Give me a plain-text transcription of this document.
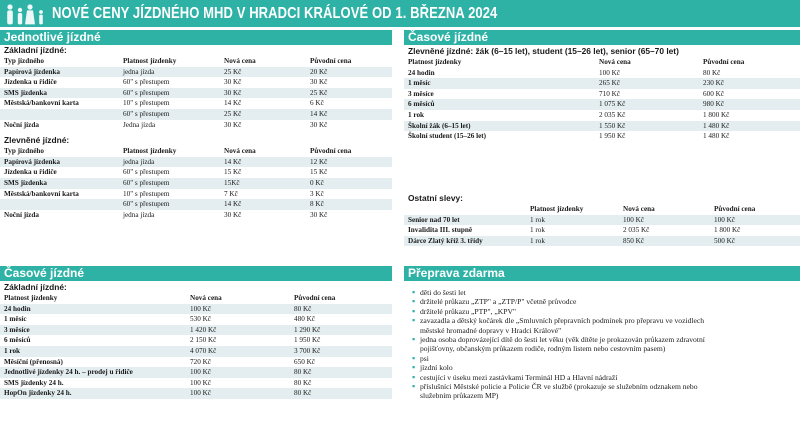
NOVÉ CENY JÍZDNÉHO MHD V HRADCI KRÁLOVÉ OD 1. BŘEZNA 2024
Jednotlivé jízdné
Základní jízdné:
Typ jízdného	Platnost jízdenky	Nová cena	Původní cena
Papírová jízdenka	jedna jízda	25 Kč	20 Kč
Jízdenka u řidiče	60" s přestupem	30 Kč	30 Kč
SMS jízdenka	60" s přestupem	30 Kč	25 Kč
Městská/bankovní karta	10" s přestupem	14 Kč	6 Kč
	60" s přestupem	25 Kč	14 Kč
Noční jízda	Jedna jízda	30 Kč	30 Kč
Zlevněné jízdné:
Typ jízdného	Platnost jízdenky	Nová cena	Původní cena
Papírová jízdenka	jedna jízda	14 Kč	12 Kč
Jízdenka u řidiče	60" s přestupem	15 Kč	15 Kč
SMS jízdenka	60" s přestupem	15Kč	0 Kč
Městská/bankovní karta	10" s přestupem	7 Kč	3 Kč
	60" s přestupem	14 Kč	8 Kč
Noční jízda	jedna jízda	30 Kč	30 Kč
Časové jízdné
Základní jízdné:
Platnost jízdenky	Nová cena	Původní cena
24 hodin	100 Kč	80 Kč
1 měsíc	530 Kč	480 Kč
3 měsíce	1 420 Kč	1 290 Kč
6 měsíců	2 150 Kč	1 950 Kč
1 rok	4 070 Kč	3 700 Kč
Měsíční (přenosná)	720 Kč	650 Kč
Jednotlivé jízdenky 24 h. – prodej u řidiče	100 Kč	80 Kč
SMS jízdenky 24 h.	100 Kč	80 Kč
HopOn jízdenky 24 h.	100 Kč	80 Kč
Časové jízdné
Zlevněné jízdné: žák (6–15 let), student (15–26 let), senior (65–70 let)
Platnost jízdenky	Nová cena	Původní cena
24 hodin	100 Kč	80 Kč
1 měsíc	265 Kč	230 Kč
3 měsíce	710 Kč	600 Kč
6 měsíců	1 075 Kč	980 Kč
1 rok	2 035 Kč	1 800 Kč
Školní žák (6–15 let)	1 550 Kč	1 480 Kč
Školní student (15–26 let)	1 950 Kč	1 480 Kč
Ostatní slevy:
	Platnost jízdenky	Nová cena	Původní cena
Senior nad 70 let	1 rok	100 Kč	100 Kč
Invalidita III. stupně	1 rok	2 035 Kč	1 800 Kč
Dárce Zlatý kříž 3. třídy	1 rok	850 Kč	500 Kč
Přeprava zdarma
▪ děti do šesti let
▪ držitelé průkazu „ZTP" a „ZTP/P" včetně průvodce
▪ držitelé průkazu „PTP", „KPV"
▪ zavazadla a dětský kočárek dle „Smluvních přepravních podmínek pro přepravu ve vozidlech
městské hromadné dopravy v Hradci Králové"
▪ jedna osoba doprovázející dítě do šesti let věku (věk dítěte je prokazován průkazem zdravotní
pojišťovny, občanským průkazem rodiče, rodným listem nebo cestovním pasem)
▪ psi
▪ jízdní kolo
▪ cestující v úseku mezi zastávkami Terminál HD a Hlavní nádraží
▪ příslušníci Městské policie a Policie ČR ve službě (prokazuje se služebním odznakem nebo
služebním průkazem MP)
